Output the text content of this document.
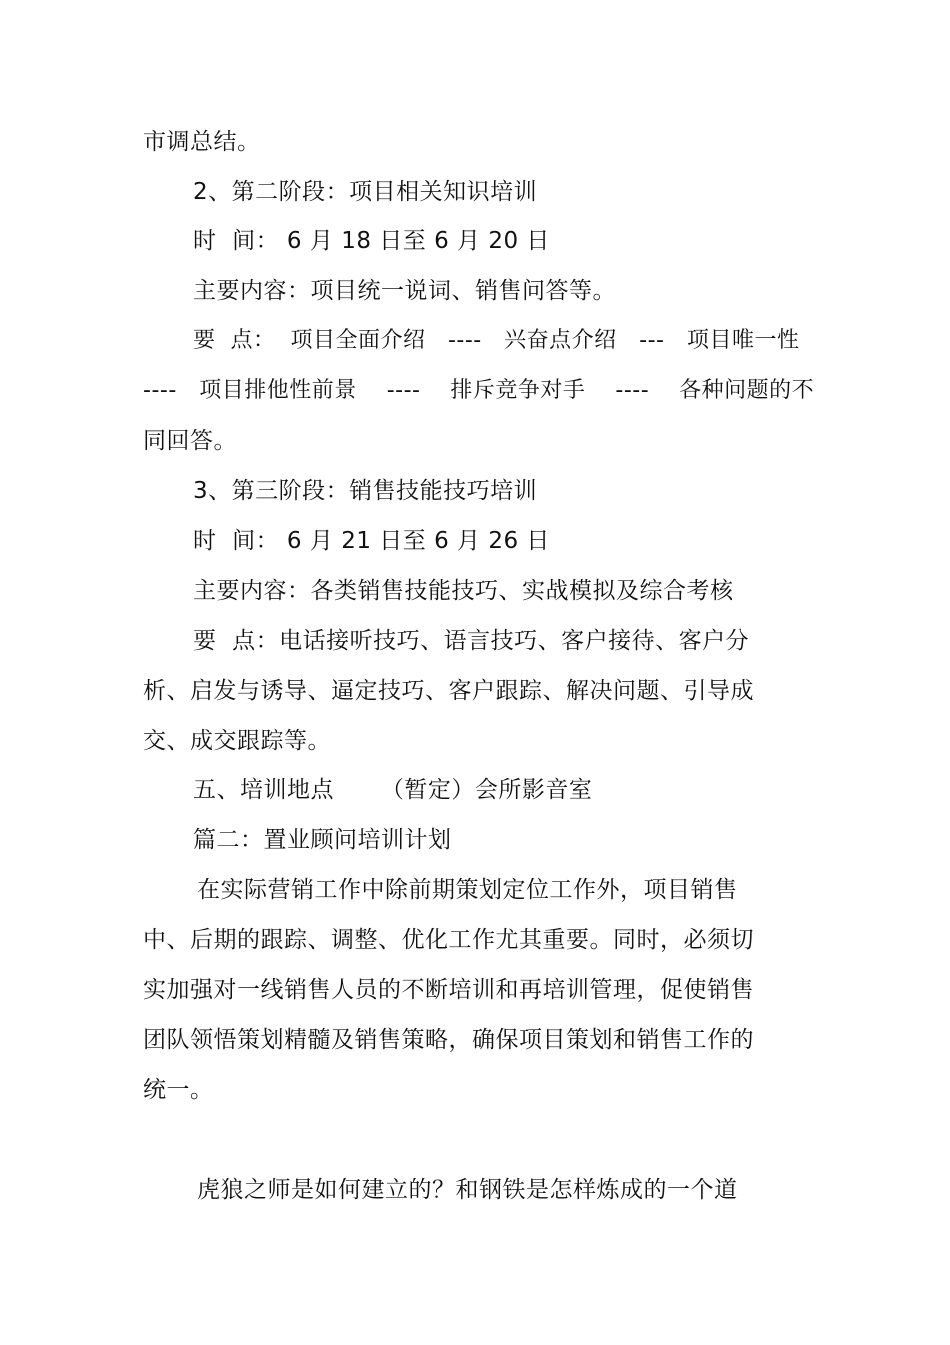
市调总结。
2、第二阶段：项目相关知识培训
时  间： 6 月 18 日至 6 月 20 日
主要内容：项目统一说词、销售问答等。
要  点：  项目全面介绍   ----   兴奋点介绍   ---   项目唯一性
----   项目排他性前景    ----    排斥竞争对手    ----    各种问题的不
同回答。
3、第三阶段：销售技能技巧培训
时  间： 6 月 21 日至 6 月 26 日
主要内容：各类销售技能技巧、实战模拟及综合考核
要  点：电话接听技巧、语言技巧、客户接待、客户分
析、启发与诱导、逼定技巧、客户跟踪、解决问题、引导成
交、成交跟踪等。
五、培训地点      （暂定）会所影音室
篇二：置业顾问培训计划
在实际营销工作中除前期策划定位工作外，项目销售
中、后期的跟踪、调整、优化工作尤其重要。同时，必须切
实加强对一线销售人员的不断培训和再培训管理，促使销售
团队领悟策划精髓及销售策略，确保项目策划和销售工作的
统一。
虎狼之师是如何建立的？和钢铁是怎样炼成的一个道
